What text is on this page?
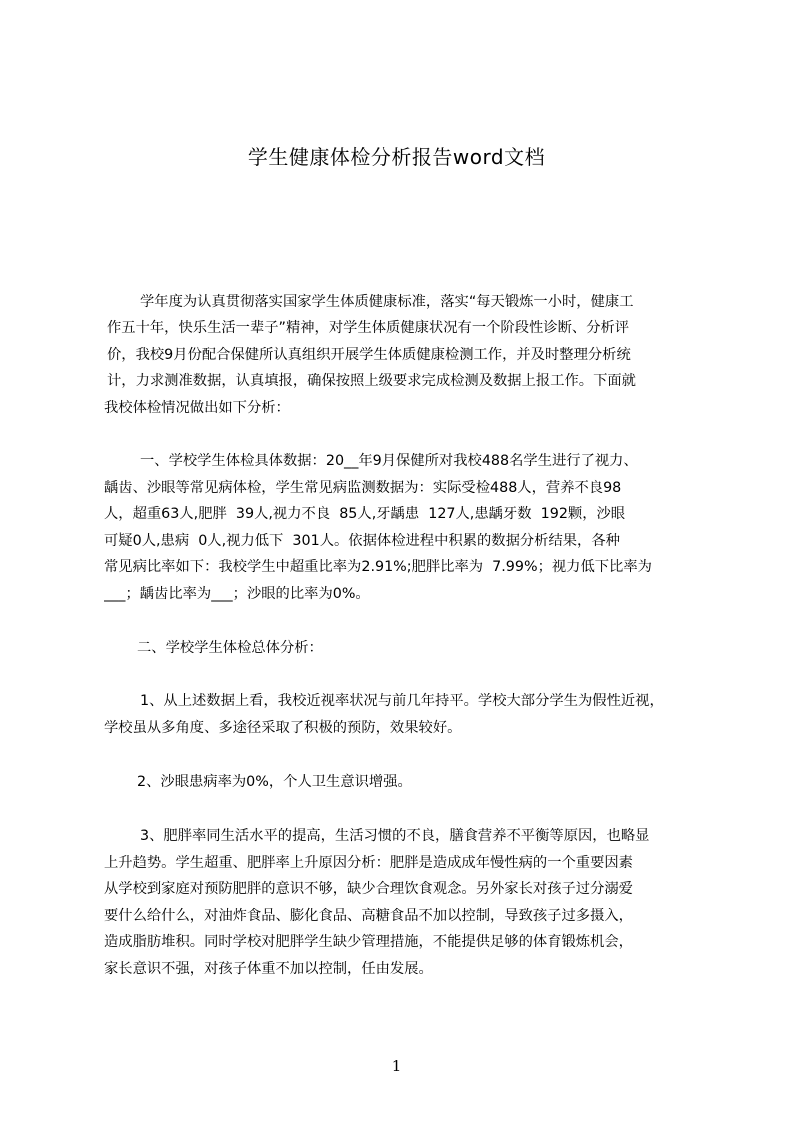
学生健康体检分析报告word文档
学年度为认真贯彻落实国家学生体质健康标准，落实“每天锻炼一小时，健康工
作五十年，快乐生活一辈子”精神，对学生体质健康状况有一个阶段性诊断、分析评
价，我校9月份配合保健所认真组织开展学生体质健康检测工作，并及时整理分析统
计，力求测准数据，认真填报，确保按照上级要求完成检测及数据上报工作。下面就
我校体检情况做出如下分析：
一、学校学生体检具体数据：20__年9月保健所对我校488名学生进行了视力、
龋齿、沙眼等常见病体检，学生常见病监测数据为：实际受检488人，营养不良98
人，超重63人,肥胖  39人,视力不良  85人,牙龋患  127人,患龋牙数  192颗，沙眼
可疑0人,患病  0人,视力低下  301人。依据体检进程中积累的数据分析结果，各种
常见病比率如下：我校学生中超重比率为2.91%;肥胖比率为  7.99%；视力低下比率为
___；龋齿比率为___；沙眼的比率为0%。
二、学校学生体检总体分析：
1、从上述数据上看，我校近视率状况与前几年持平。学校大部分学生为假性近视，
学校虽从多角度、多途径采取了积极的预防，效果较好。
2、沙眼患病率为0%，个人卫生意识增强。
3、肥胖率同生活水平的提高，生活习惯的不良，膳食营养不平衡等原因，也略显
上升趋势。学生超重、肥胖率上升原因分析：肥胖是造成成年慢性病的一个重要因素
从学校到家庭对预防肥胖的意识不够，缺少合理饮食观念。另外家长对孩子过分溺爱
要什么给什么，对油炸食品、膨化食品、高糖食品不加以控制，导致孩子过多摄入，
造成脂肪堆积。同时学校对肥胖学生缺少管理措施，不能提供足够的体育锻炼机会，
家长意识不强，对孩子体重不加以控制，任由发展。
1
